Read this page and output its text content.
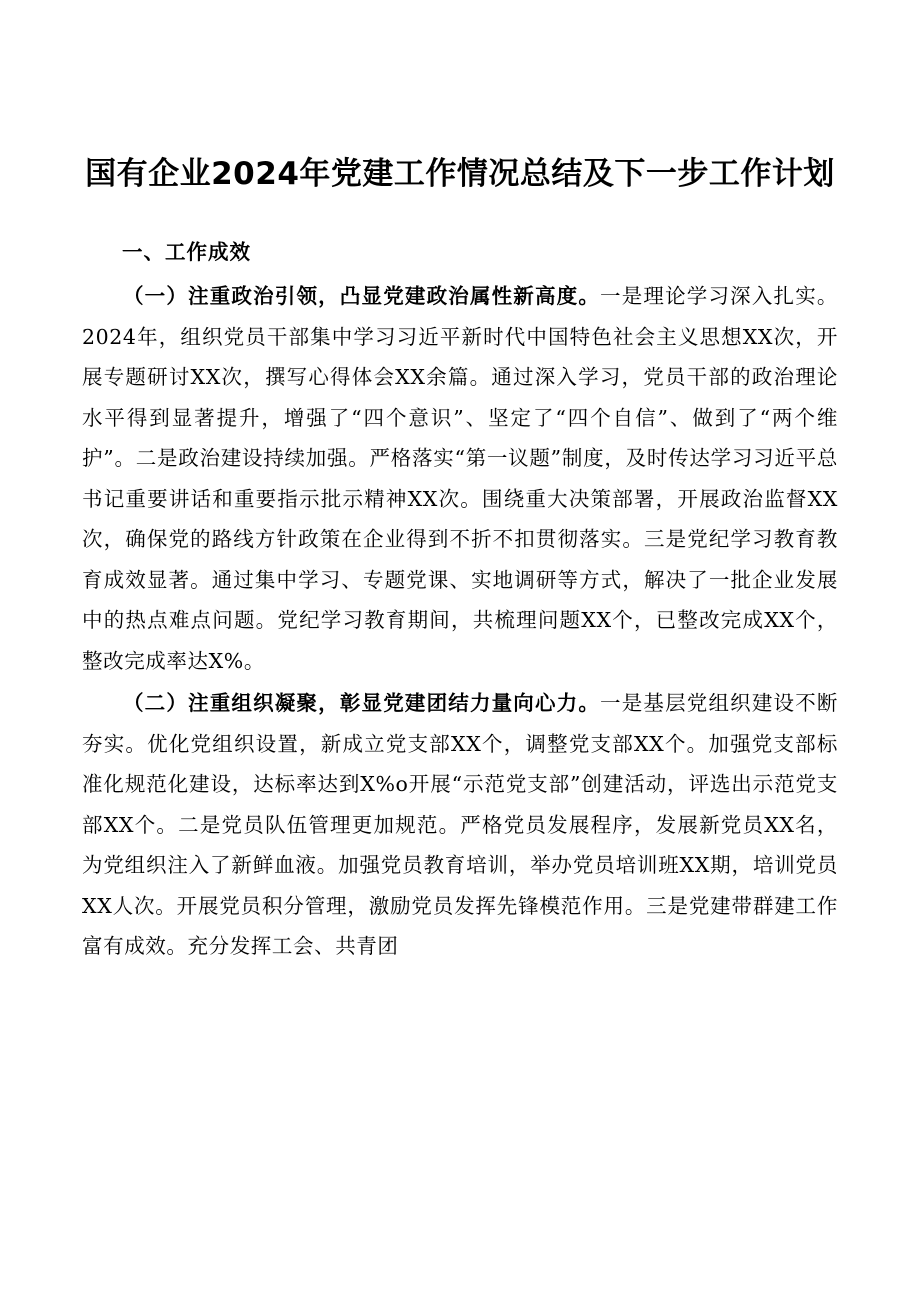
国有企业2024年党建工作情况总结及下一步工作计划
一、工作成效

（一）注重政治引领，凸显党建政治属性新高度。一是理论学习深入扎实。2024年，组织党员干部集中学习习近平新时代中国特色社会主义思想XX次，开展专题研讨XX次，撰写心得体会XX余篇。通过深入学习，党员干部的政治理论水平得到显著提升，增强了“四个意识”、坚定了“四个自信”、做到了“两个维护”。二是政治建设持续加强。严格落实“第一议题”制度，及时传达学习习近平总书记重要讲话和重要指示批示精神XX次。围绕重大决策部署，开展政治监督XX次，确保党的路线方针政策在企业得到不折不扣贯彻落实。三是党纪学习教育教育成效显著。通过集中学习、专题党课、实地调研等方式，解决了一批企业发展中的热点难点问题。党纪学习教育期间，共梳理问题XX个，已整改完成XX个，整改完成率达X%。

（二）注重组织凝聚，彰显党建团结力量向心力。一是基层党组织建设不断夯实。优化党组织设置，新成立党支部XX个，调整党支部XX个。加强党支部标准化规范化建设，达标率达到X%o开展“示范党支部”创建活动，评选出示范党支部XX个。二是党员队伍管理更加规范。严格党员发展程序，发展新党员XX名，为党组织注入了新鲜血液。加强党员教育培训，举办党员培训班XX期，培训党员XX人次。开展党员积分管理，激励党员发挥先锋模范作用。三是党建带群建工作富有成效。充分发挥工会、共青团
